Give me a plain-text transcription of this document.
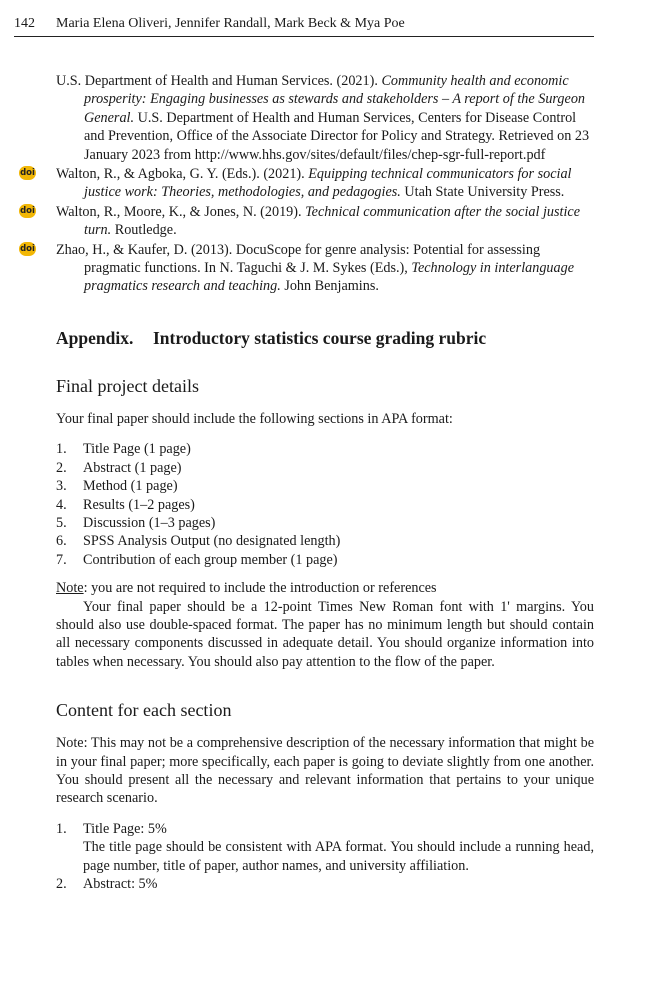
142 Maria Elena Oliveri, Jennifer Randall, Mark Beck & Mya Poe
U.S. Department of Health and Human Services. (2021). Community health and economic prosperity: Engaging businesses as stewards and stakeholders – A report of the Surgeon General. U.S. Department of Health and Human Services, Centers for Disease Control and Prevention, Office of the Associate Director for Policy and Strategy. Retrieved on 23 January 2023 from http://www.hhs.gov/sites/default/files/chep-sgr-full-report.pdf
doi Walton, R., & Agboka, G. Y. (Eds.). (2021). Equipping technical communicators for social justice work: Theories, methodologies, and pedagogies. Utah State University Press.
doi Walton, R., Moore, K., & Jones, N. (2019). Technical communication after the social justice turn. Routledge.
doi Zhao, H., & Kaufer, D. (2013). DocuScope for genre analysis: Potential for assessing pragmatic functions. In N. Taguchi & J. M. Sykes (Eds.), Technology in interlanguage pragmatics research and teaching. John Benjamins.
Appendix. Introductory statistics course grading rubric
Final project details

Your final paper should include the following sections in APA format:

1. Title Page (1 page)
2. Abstract (1 page)
3. Method (1 page)
4. Results (1–2 pages)
5. Discussion (1–3 pages)
6. SPSS Analysis Output (no designated length)
7. Contribution of each group member (1 page)

Note: you are not required to include the introduction or references

Your final paper should be a 12-point Times New Roman font with 1' margins. You should also use double-spaced format. The paper has no minimum length but should contain all necessary components discussed in adequate detail. You should organize information into tables when necessary. You should also pay attention to the flow of the paper.

Content for each section

Note: This may not be a comprehensive description of the necessary information that might be in your final paper; more specifically, each paper is going to deviate slightly from one another. You should present all the necessary and relevant information that pertains to your unique research scenario.

1. Title Page: 5%
The title page should be consistent with APA format. You should include a running head, page number, title of paper, author names, and university affiliation.
2. Abstract: 5%
